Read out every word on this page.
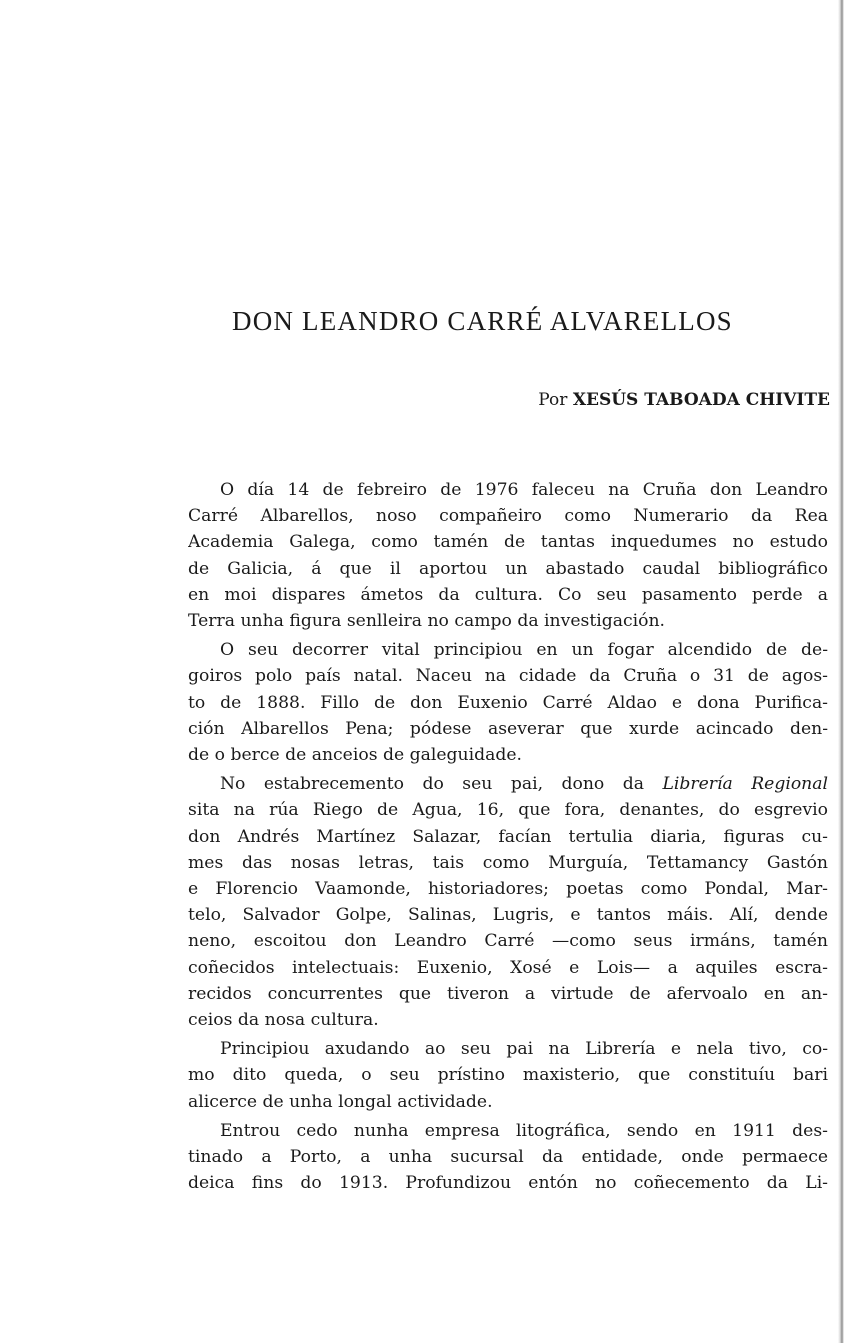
DON LEANDRO CARRÉ ALVARELLOS

Por XESÚS TABOADA CHIVITE

O día 14 de febreiro de 1976 faleceu na Cruña don Leandro
Carré Albarellos, noso compañeiro como Numerario da Rea
Academia Galega, como tamén de tantas inquedumes no estudo
de Galicia, á que il aportou un abastado caudal bibliográfico
en moi dispares ámetos da cultura. Co seu pasamento perde a
Terra unha figura senlleira no campo da investigación.
O seu decorrer vital principiou en un fogar alcendido de de-
goiros polo país natal. Naceu na cidade da Cruña o 31 de agos-
to de 1888. Fillo de don Euxenio Carré Aldao e dona Purifica-
ción Albarellos Pena; pódese aseverar que xurde acincado den-
de o berce de anceios de galeguidade.
No estabrecemento do seu pai, dono da Librería Regional
sita na rúa Riego de Agua, 16, que fora, denantes, do esgrevio
don Andrés Martínez Salazar, facían tertulia diaria, figuras cu-
mes das nosas letras, tais como Murguía, Tettamancy Gastón
e Florencio Vaamonde, historiadores; poetas como Pondal, Mar-
telo, Salvador Golpe, Salinas, Lugris, e tantos máis. Alí, dende
neno, escoitou don Leandro Carré —como seus irmáns, tamén
coñecidos intelectuais: Euxenio, Xosé e Lois— a aquiles escra-
recidos concurrentes que tiveron a virtude de afervoalo en an-
ceios da nosa cultura.
Principiou axudando ao seu pai na Librería e nela tivo, co-
mo dito queda, o seu prístino maxisterio, que constituíu bari
alicerce de unha longal actividade.
Entrou cedo nunha empresa litográfica, sendo en 1911 des-
tinado a Porto, a unha sucursal da entidade, onde permaece
deica fins do 1913. Profundizou entón no coñecemento da Li-
